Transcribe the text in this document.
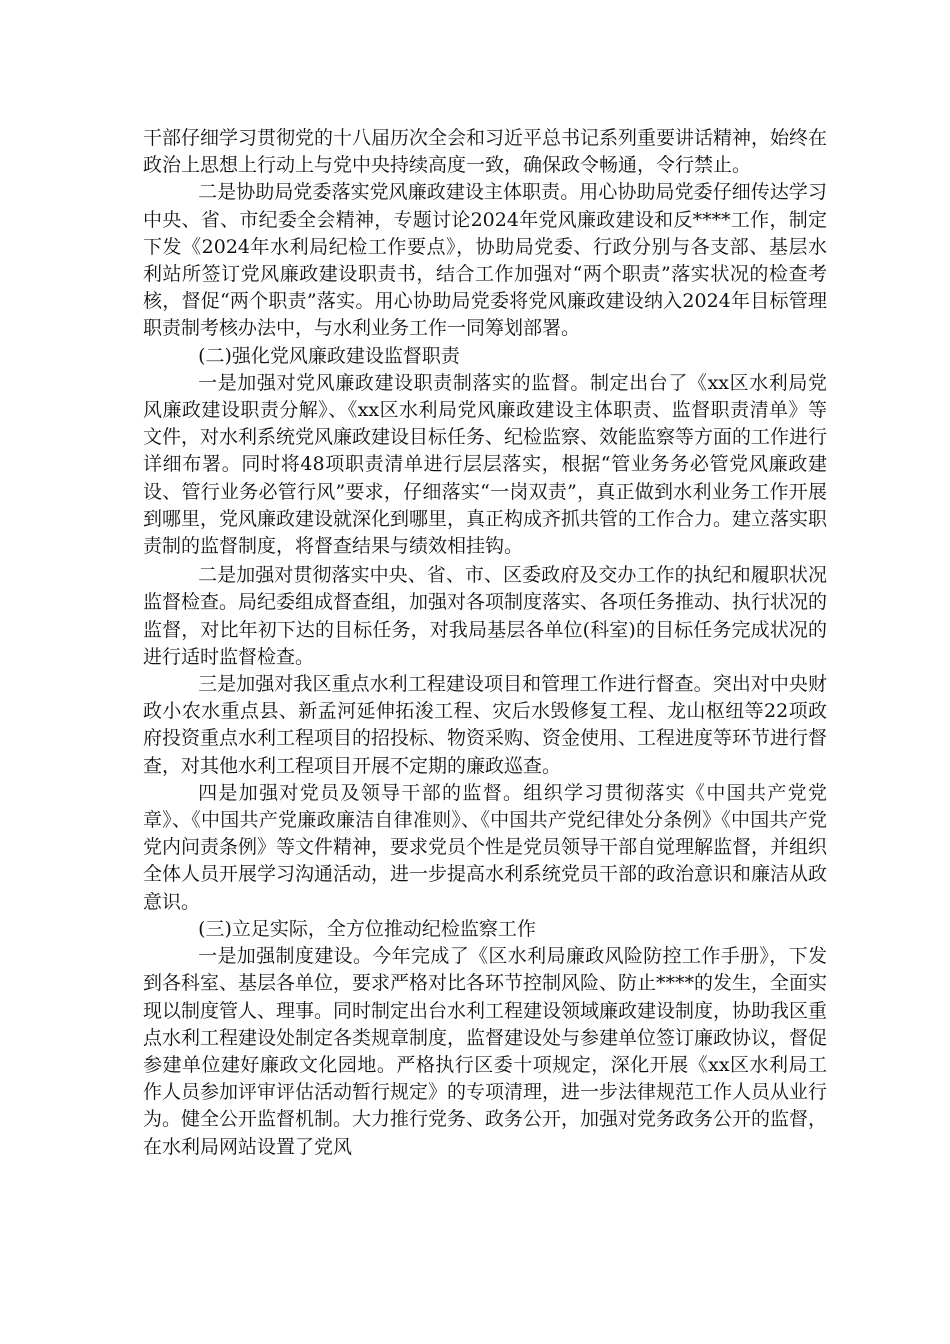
干部仔细学习贯彻党的十八届历次全会和习近平总书记系列重要讲话精神，始终在政治上思想上行动上与党中央持续高度一致，确保政令畅通，令行禁止。

二是协助局党委落实党风廉政建设主体职责。用心协助局党委仔细传达学习中央、省、市纪委全会精神，专题讨论2024年党风廉政建设和反****工作，制定下发《2024年水利局纪检工作要点》，协助局党委、行政分别与各支部、基层水利站所签订党风廉政建设职责书，结合工作加强对“两个职责”落实状况的检查考核，督促“两个职责”落实。用心协助局党委将党风廉政建设纳入2024年目标管理职责制考核办法中，与水利业务工作一同筹划部署。

(二)强化党风廉政建设监督职责

一是加强对党风廉政建设职责制落实的监督。制定出台了《xx区水利局党风廉政建设职责分解》、《xx区水利局党风廉政建设主体职责、监督职责清单》等文件，对水利系统党风廉政建设目标任务、纪检监察、效能监察等方面的工作进行详细布署。同时将48项职责清单进行层层落实，根据“管业务务必管党风廉政建设、管行业务必管行风”要求，仔细落实“一岗双责”，真正做到水利业务工作开展到哪里，党风廉政建设就深化到哪里，真正构成齐抓共管的工作合力。建立落实职责制的监督制度，将督查结果与绩效相挂钩。

二是加强对贯彻落实中央、省、市、区委政府及交办工作的执纪和履职状况监督检查。局纪委组成督查组，加强对各项制度落实、各项任务推动、执行状况的监督，对比年初下达的目标任务，对我局基层各单位(科室)的目标任务完成状况的进行适时监督检查。

三是加强对我区重点水利工程建设项目和管理工作进行督查。突出对中央财政小农水重点县、新孟河延伸拓浚工程、灾后水毁修复工程、龙山枢纽等22项政府投资重点水利工程项目的招投标、物资采购、资金使用、工程进度等环节进行督查，对其他水利工程项目开展不定期的廉政巡查。

四是加强对党员及领导干部的监督。组织学习贯彻落实《中国共产党党章》、《中国共产党廉政廉洁自律准则》、《中国共产党纪律处分条例》《中国共产党党内问责条例》等文件精神，要求党员个性是党员领导干部自觉理解监督，并组织全体人员开展学习沟通活动，进一步提高水利系统党员干部的政治意识和廉洁从政意识。

(三)立足实际，全方位推动纪检监察工作

一是加强制度建设。今年完成了《区水利局廉政风险防控工作手册》，下发到各科室、基层各单位，要求严格对比各环节控制风险、防止****的发生，全面实现以制度管人、理事。同时制定出台水利工程建设领域廉政建设制度，协助我区重点水利工程建设处制定各类规章制度，监督建设处与参建单位签订廉政协议，督促参建单位建好廉政文化园地。严格执行区委十项规定，深化开展《xx区水利局工作人员参加评审评估活动暂行规定》的专项清理，进一步法律规范工作人员从业行为。健全公开监督机制。大力推行党务、政务公开，加强对党务政务公开的监督，在水利局网站设置了党风
